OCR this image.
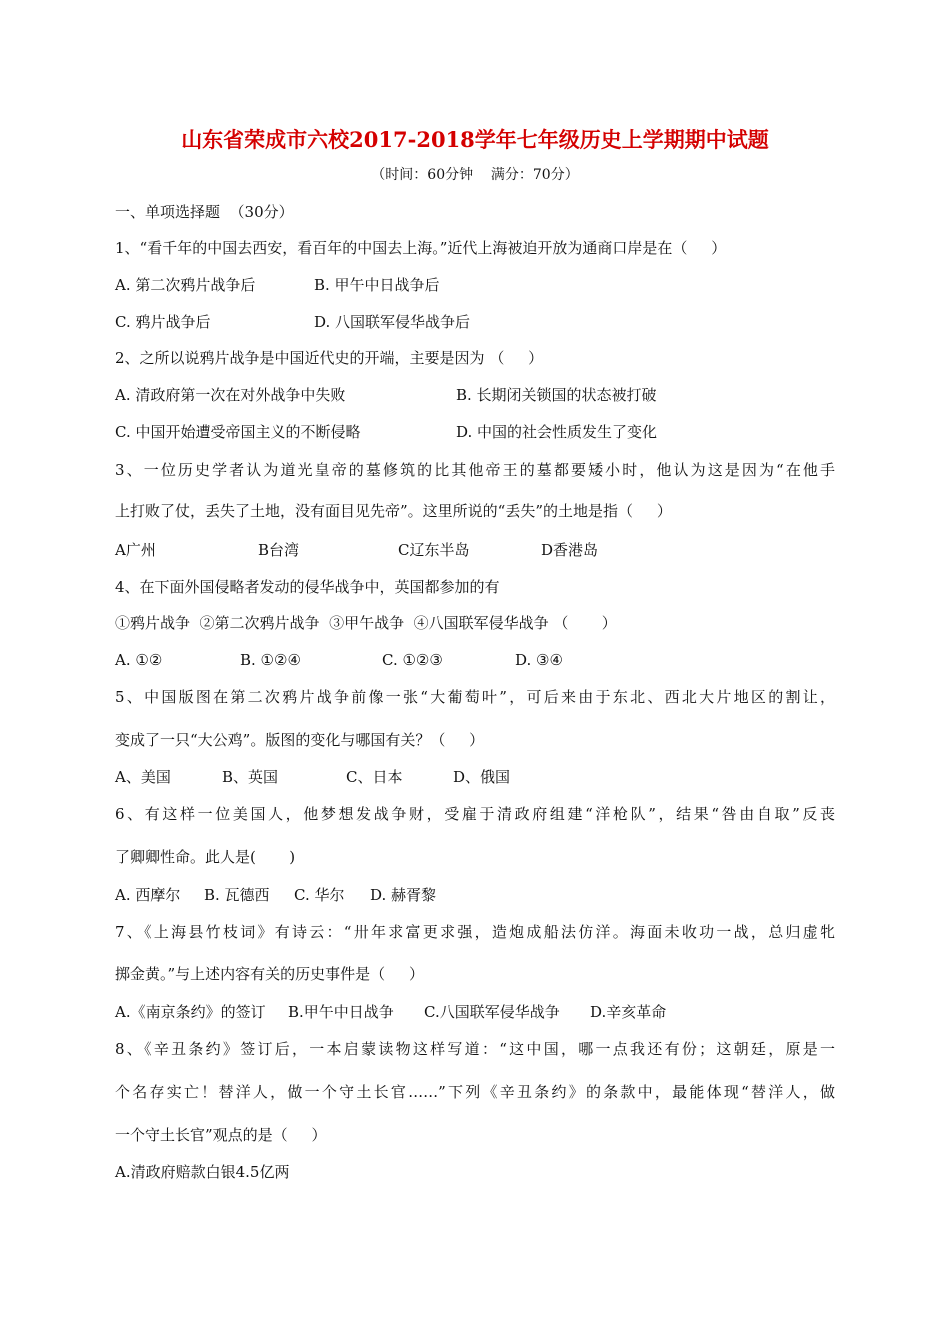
山东省荣成市六校2017-2018学年七年级历史上学期期中试题
（时间：60分钟    满分：70分）
一、单项选择题  （30分）
1、“看千年的中国去西安，看百年的中国去上海。”近代上海被迫开放为通商口岸是在（     ）
A. 第二次鸦片战争后	B. 甲午中日战争后
C. 鸦片战争后	D. 八国联军侵华战争后
2、之所以说鸦片战争是中国近代史的开端，主要是因为 （     ）
A. 清政府第一次在对外战争中失败	B. 长期闭关锁国的状态被打破
C. 中国开始遭受帝国主义的不断侵略	D. 中国的社会性质发生了变化
3、一位历史学者认为道光皇帝的墓修筑的比其他帝王的墓都要矮小时，他认为这是因为“在他手
上打败了仗，丢失了土地，没有面目见先帝”。这里所说的“丢失”的土地是指（     ）
A广州	B台湾	C辽东半岛	D香港岛
4、在下面外国侵略者发动的侵华战争中，英国都参加的有
①鸦片战争  ②第二次鸦片战争  ③甲午战争  ④八国联军侵华战争 （       ）
A. ①②	B. ①②④	C. ①②③	D. ③④
5、中国版图在第二次鸦片战争前像一张“大葡萄叶”，可后来由于东北、西北大片地区的割让，
变成了一只“大公鸡”。版图的变化与哪国有关？（     ）
A、美国	B、英国	C、日本	D、俄国
6、有这样一位美国人，他梦想发战争财，受雇于清政府组建“洋枪队”，结果“咎由自取”反丧
了卿卿性命。此人是(       )
A. 西摩尔 B. 瓦德西 C. 华尔 D. 赫胥黎
7、《上海县竹枝词》有诗云：“卅年求富更求强，造炮成船法仿洋。海面未收功一战，总归虚牝
掷金黄。”与上述内容有关的历史事件是（     ）
A.《南京条约》的签订 B.甲午中日战争 C.八国联军侵华战争 D.辛亥革命
8、《辛丑条约》签订后，一本启蒙读物这样写道：“这中国，哪一点我还有份；这朝廷，原是一
个名存实亡！替洋人，做一个守土长官……”下列《辛丑条约》的条款中，最能体现“替洋人，做
一个守土长官”观点的是（     ）
A.清政府赔款白银4.5亿两
